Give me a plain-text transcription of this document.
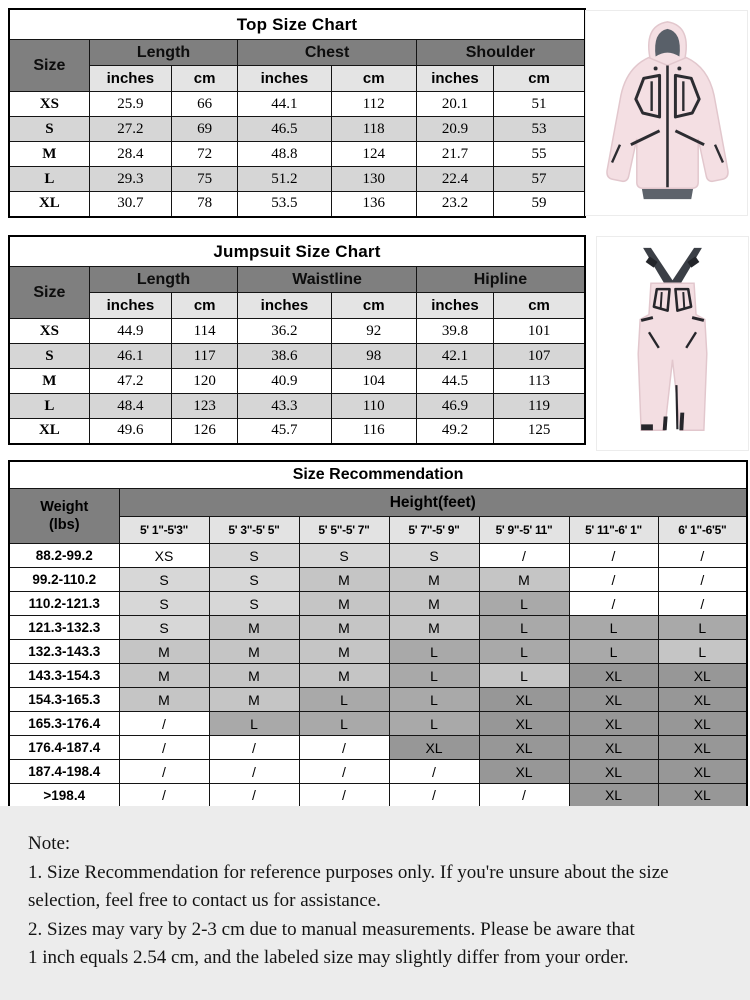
Top Size Chart						
Size	Length		Chest		Shoulder	
	inches	cm	inches	cm	inches	cm
XS	25.9	66	44.1	112	20.1	51
S	27.2	69	46.5	118	20.9	53
M	28.4	72	48.8	124	21.7	55
L	29.3	75	51.2	130	22.4	57
XL	30.7	78	53.5	136	23.2	59
Jumpsuit Size Chart						
Size	Length		Waistline		Hipline	
	inches	cm	inches	cm	inches	cm
XS	44.9	114	36.2	92	39.8	101
S	46.1	117	38.6	98	42.1	107
M	47.2	120	40.9	104	44.5	113
L	48.4	123	43.3	110	46.9	119
XL	49.6	126	45.7	116	49.2	125
Size Recommendation							

Weight
(lbs)	Height(feet)						
	5' 1"-5'3"	5' 3"-5' 5"	5' 5"-5' 7"	5' 7"-5' 9"	5' 9"-5' 11"	5' 11"-6' 1"	6' 1"-6'5"
88.2-99.2	XS	S	S	S	/	/	/
99.2-110.2	S	S	M	M	M	/	/
110.2-121.3	S	S	M	M	L	/	/
121.3-132.3	S	M	M	M	L	L	L
132.3-143.3	M	M	M	L	L	L	L
143.3-154.3	M	M	M	L	L	XL	XL
154.3-165.3	M	M	L	L	XL	XL	XL
165.3-176.4	/	L	L	L	XL	XL	XL
176.4-187.4	/	/	/	XL	XL	XL	XL
187.4-198.4	/	/	/	/	XL	XL	XL
>198.4	/	/	/	/	/	XL	XL
Note:
1. Size Recommendation for reference purposes only. If you're unsure about the size
selection, feel free to contact us for assistance.
2. Sizes may vary by 2-3 cm due to manual measurements. Please be aware that
1 inch equals 2.54 cm, and the labeled size may slightly differ from your order.
